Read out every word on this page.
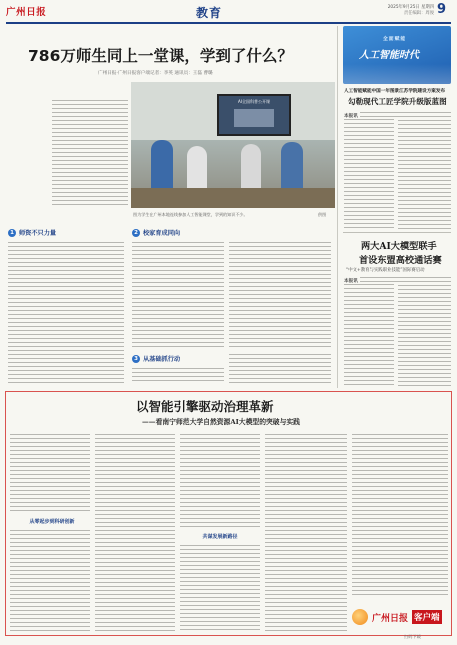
广州日报	教育	2025年9月25日 星期四
责任编辑：周俊 9
786万师生同上一堂课，学到了什么？
广州日报·广州日报客户端记者：李英 通讯员：王磊 曹璐
AI全国科普公开课
图为学生在广州本地连线参加人工智能课堂，学到的知识不少。	供图
1 师资不只力量	2 校家育成同向
3 从基础抓行动
全面赋能
人工智能时代
人工智能赋能中国一年图景江苏学院建设方案发布
勾勒现代工匠学院升级版蓝图
本报讯
两大AI大模型联手
首设东盟高校通话赛
“中文+教育与实践职业技能”国际赛启动
本报讯
以智能引擎驱动治理革新
——看南宁师范大学自然资源AI大模型的突破与实践
从零起步到科研创新
共谋发展新路径
广州日报 客户端
扫码下载
